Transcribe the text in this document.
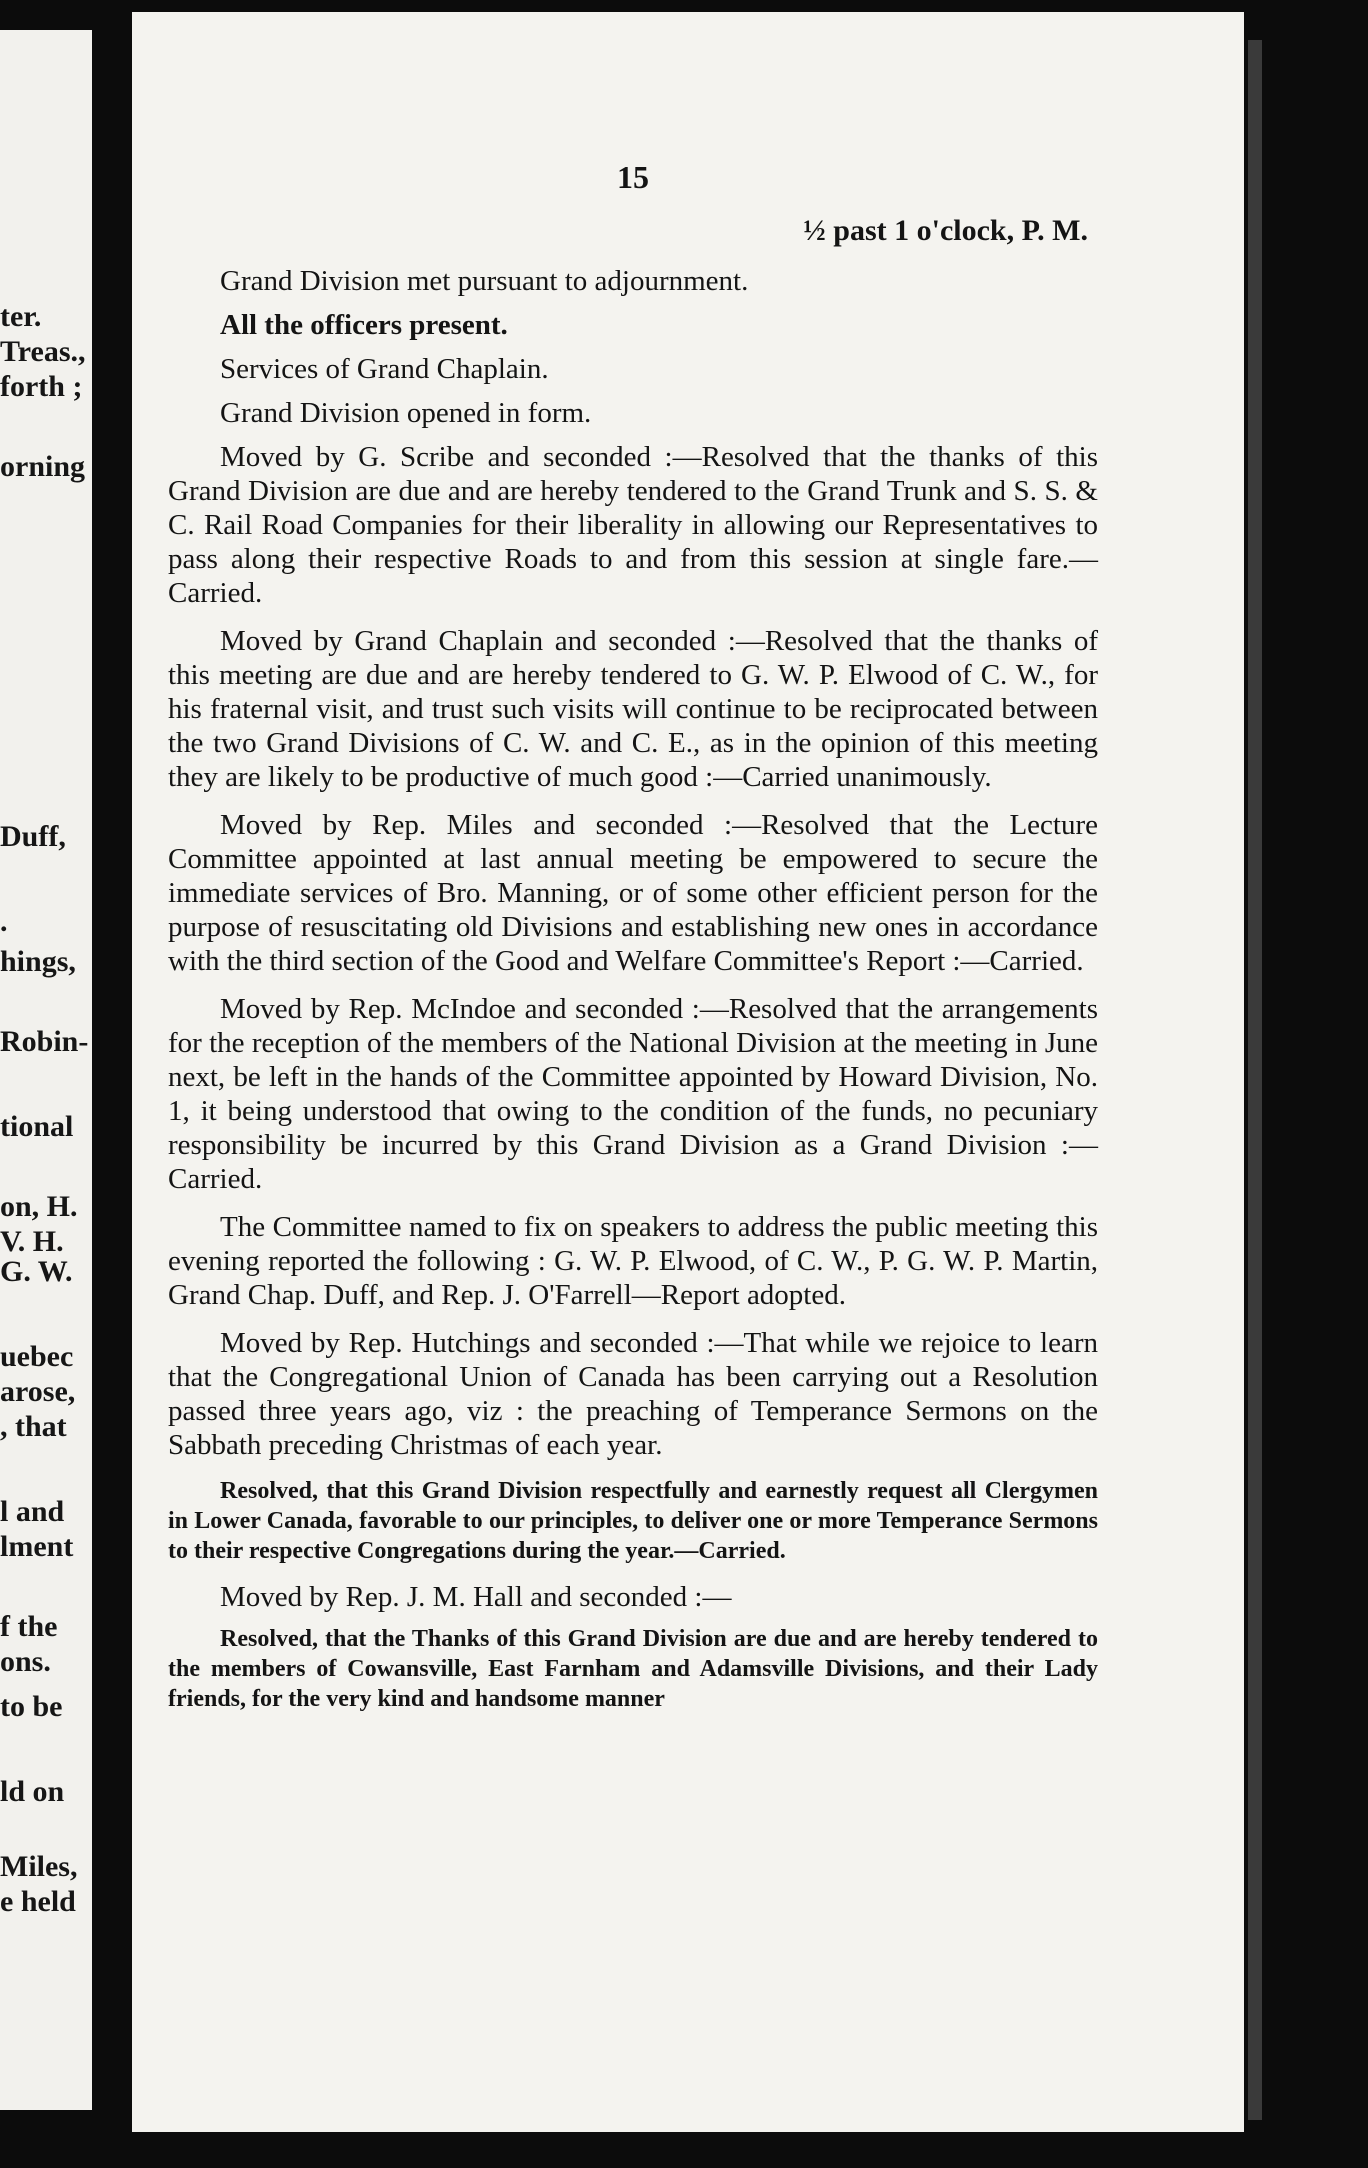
ter.
Treas.,
forth ;
orning
Duff,
.
hings,
Robin-
tional
on, H.
V. H.
G. W.
uebec
arose,
, that
l and
lment
f the
ons.
to be
ld on
Miles,
e held
15
½ past 1 o'clock, P. M.
Grand Division met pursuant to adjournment.
All the officers present.
Services of Grand Chaplain.
Grand Division opened in form.

Moved by G. Scribe and seconded :—Resolved that the thanks of this Grand Division are due and are hereby tendered to the Grand Trunk and S. S. & C. Rail Road Companies for their liberality in allowing our Representatives to pass along their respective Roads to and from this session at single fare.—Carried.

Moved by Grand Chaplain and seconded :—Resolved that the thanks of this meeting are due and are hereby tendered to G. W. P. Elwood of C. W., for his fraternal visit, and trust such visits will continue to be reciprocated between the two Grand Divisions of C. W. and C. E., as in the opinion of this meeting they are likely to be productive of much good :—Carried unanimously.

Moved by Rep. Miles and seconded :—Resolved that the Lecture Committee appointed at last annual meeting be empowered to secure the immediate services of Bro. Manning, or of some other efficient person for the purpose of resuscitating old Divisions and establishing new ones in accordance with the third section of the Good and Welfare Committee's Report :—Carried.

Moved by Rep. McIndoe and seconded :—Resolved that the arrangements for the reception of the members of the National Division at the meeting in June next, be left in the hands of the Committee appointed by Howard Division, No. 1, it being understood that owing to the condition of the funds, no pecuniary responsibility be incurred by this Grand Division as a Grand Division :—Carried.

The Committee named to fix on speakers to address the public meeting this evening reported the following : G. W. P. Elwood, of C. W., P. G. W. P. Martin, Grand Chap. Duff, and Rep. J. O'Farrell—Report adopted.

Moved by Rep. Hutchings and seconded :—That while we rejoice to learn that the Congregational Union of Canada has been carrying out a Resolution passed three years ago, viz : the preaching of Temperance Sermons on the Sabbath preceding Christmas of each year.

Resolved, that this Grand Division respectfully and earnestly request all Clergymen in Lower Canada, favorable to our principles, to deliver one or more Temperance Sermons to their respective Congregations during the year.—Carried.

Moved by Rep. J. M. Hall and seconded :—

Resolved, that the Thanks of this Grand Division are due and are hereby tendered to the members of Cowansville, East Farnham and Adamsville Divisions, and their Lady friends, for the very kind and handsome manner
